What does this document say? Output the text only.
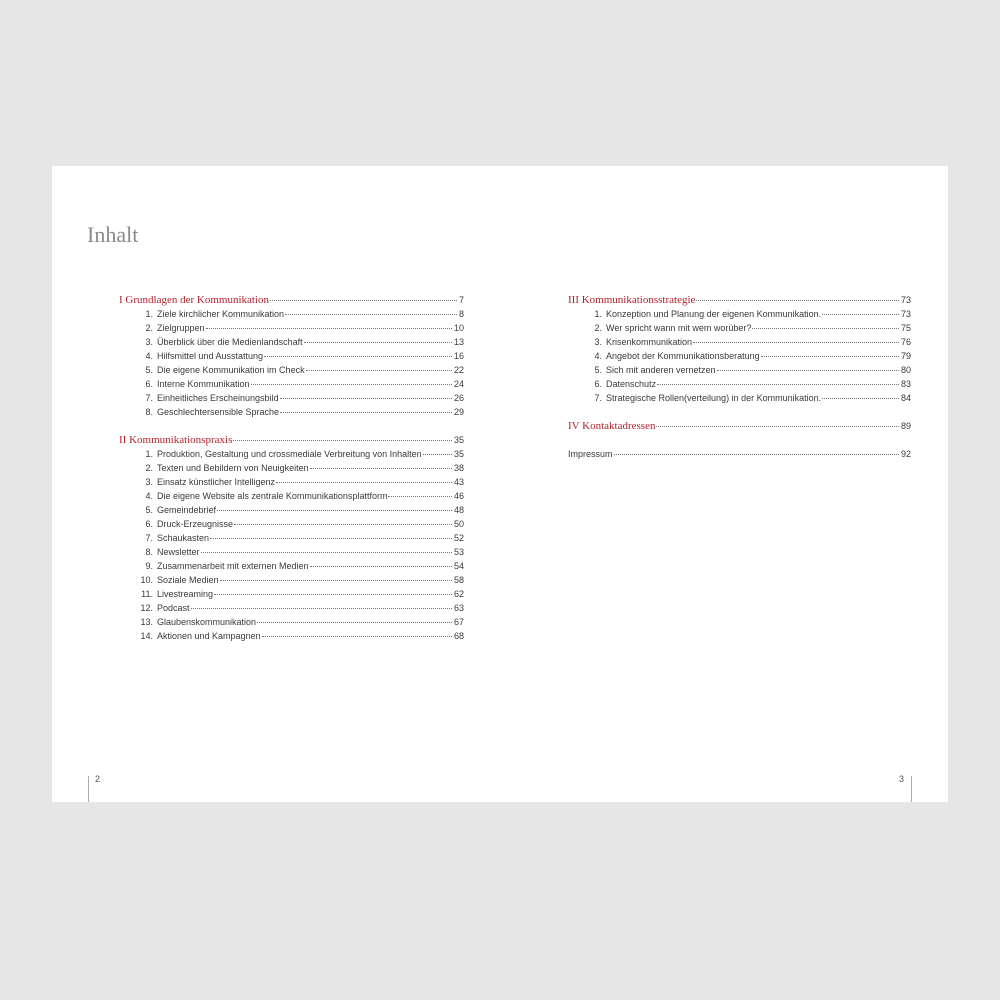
Inhalt
I Grundlagen der Kommunikation	7
1. Ziele kirchlicher Kommunikation	8
2. Zielgruppen	10
3. Überblick über die Medienlandschaft	13
4. Hilfsmittel und Ausstattung	16
5. Die eigene Kommunikation im Check	22
6. Interne Kommunikation	24
7. Einheitliches Erscheinungsbild	26
8. Geschlechtersensible Sprache	29
II Kommunikationspraxis	35
1. Produktion, Gestaltung und crossmediale Verbreitung von Inhalten	35
2. Texten und Bebildern von Neuigkeiten	38
3. Einsatz künstlicher Intelligenz	43
4. Die eigene Website als zentrale Kommunikationsplattform	46
5. Gemeindebrief	48
6. Druck-Erzeugnisse	50
7. Schaukasten	52
8. Newsletter	53
9. Zusammenarbeit mit externen Medien	54
10. Soziale Medien	58
11. Livestreaming	62
12. Podcast	63
13. Glaubenskommunikation	67
14. Aktionen und Kampagnen	68
III Kommunikationsstrategie	73
1. Konzeption und Planung der eigenen Kommunikation.	73
2. Wer spricht wann mit wem worüber?	75
3. Krisenkommunikation	76
4. Angebot der Kommunikationsberatung	79
5. Sich mit anderen vernetzen	80
6. Datenschutz	83
7. Strategische Rollen(verteilung) in der Kommunikation.	84
IV Kontaktadressen	89
Impressum	92
2	3
